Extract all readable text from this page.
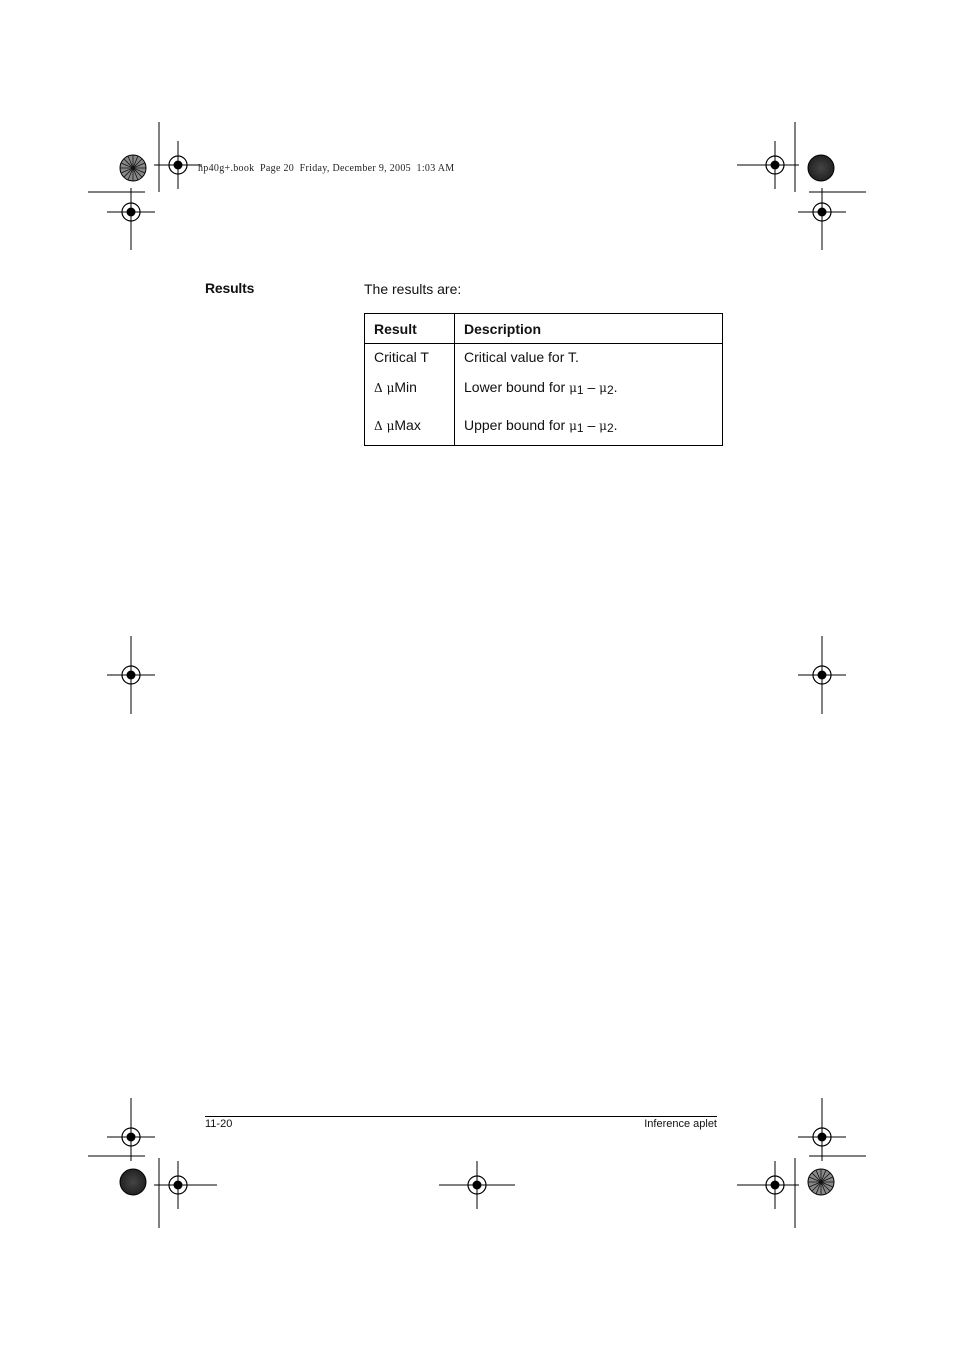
hp40g+.book  Page 20  Friday, December 9, 2005  1:03 AM
Results	The results are:
Result	Description
Critical T	Critical value for T.
Δ μMin	Lower bound for μ1 – μ2.
Δ μMax	Upper bound for μ1 – μ2.
11-20	Inference aplet
